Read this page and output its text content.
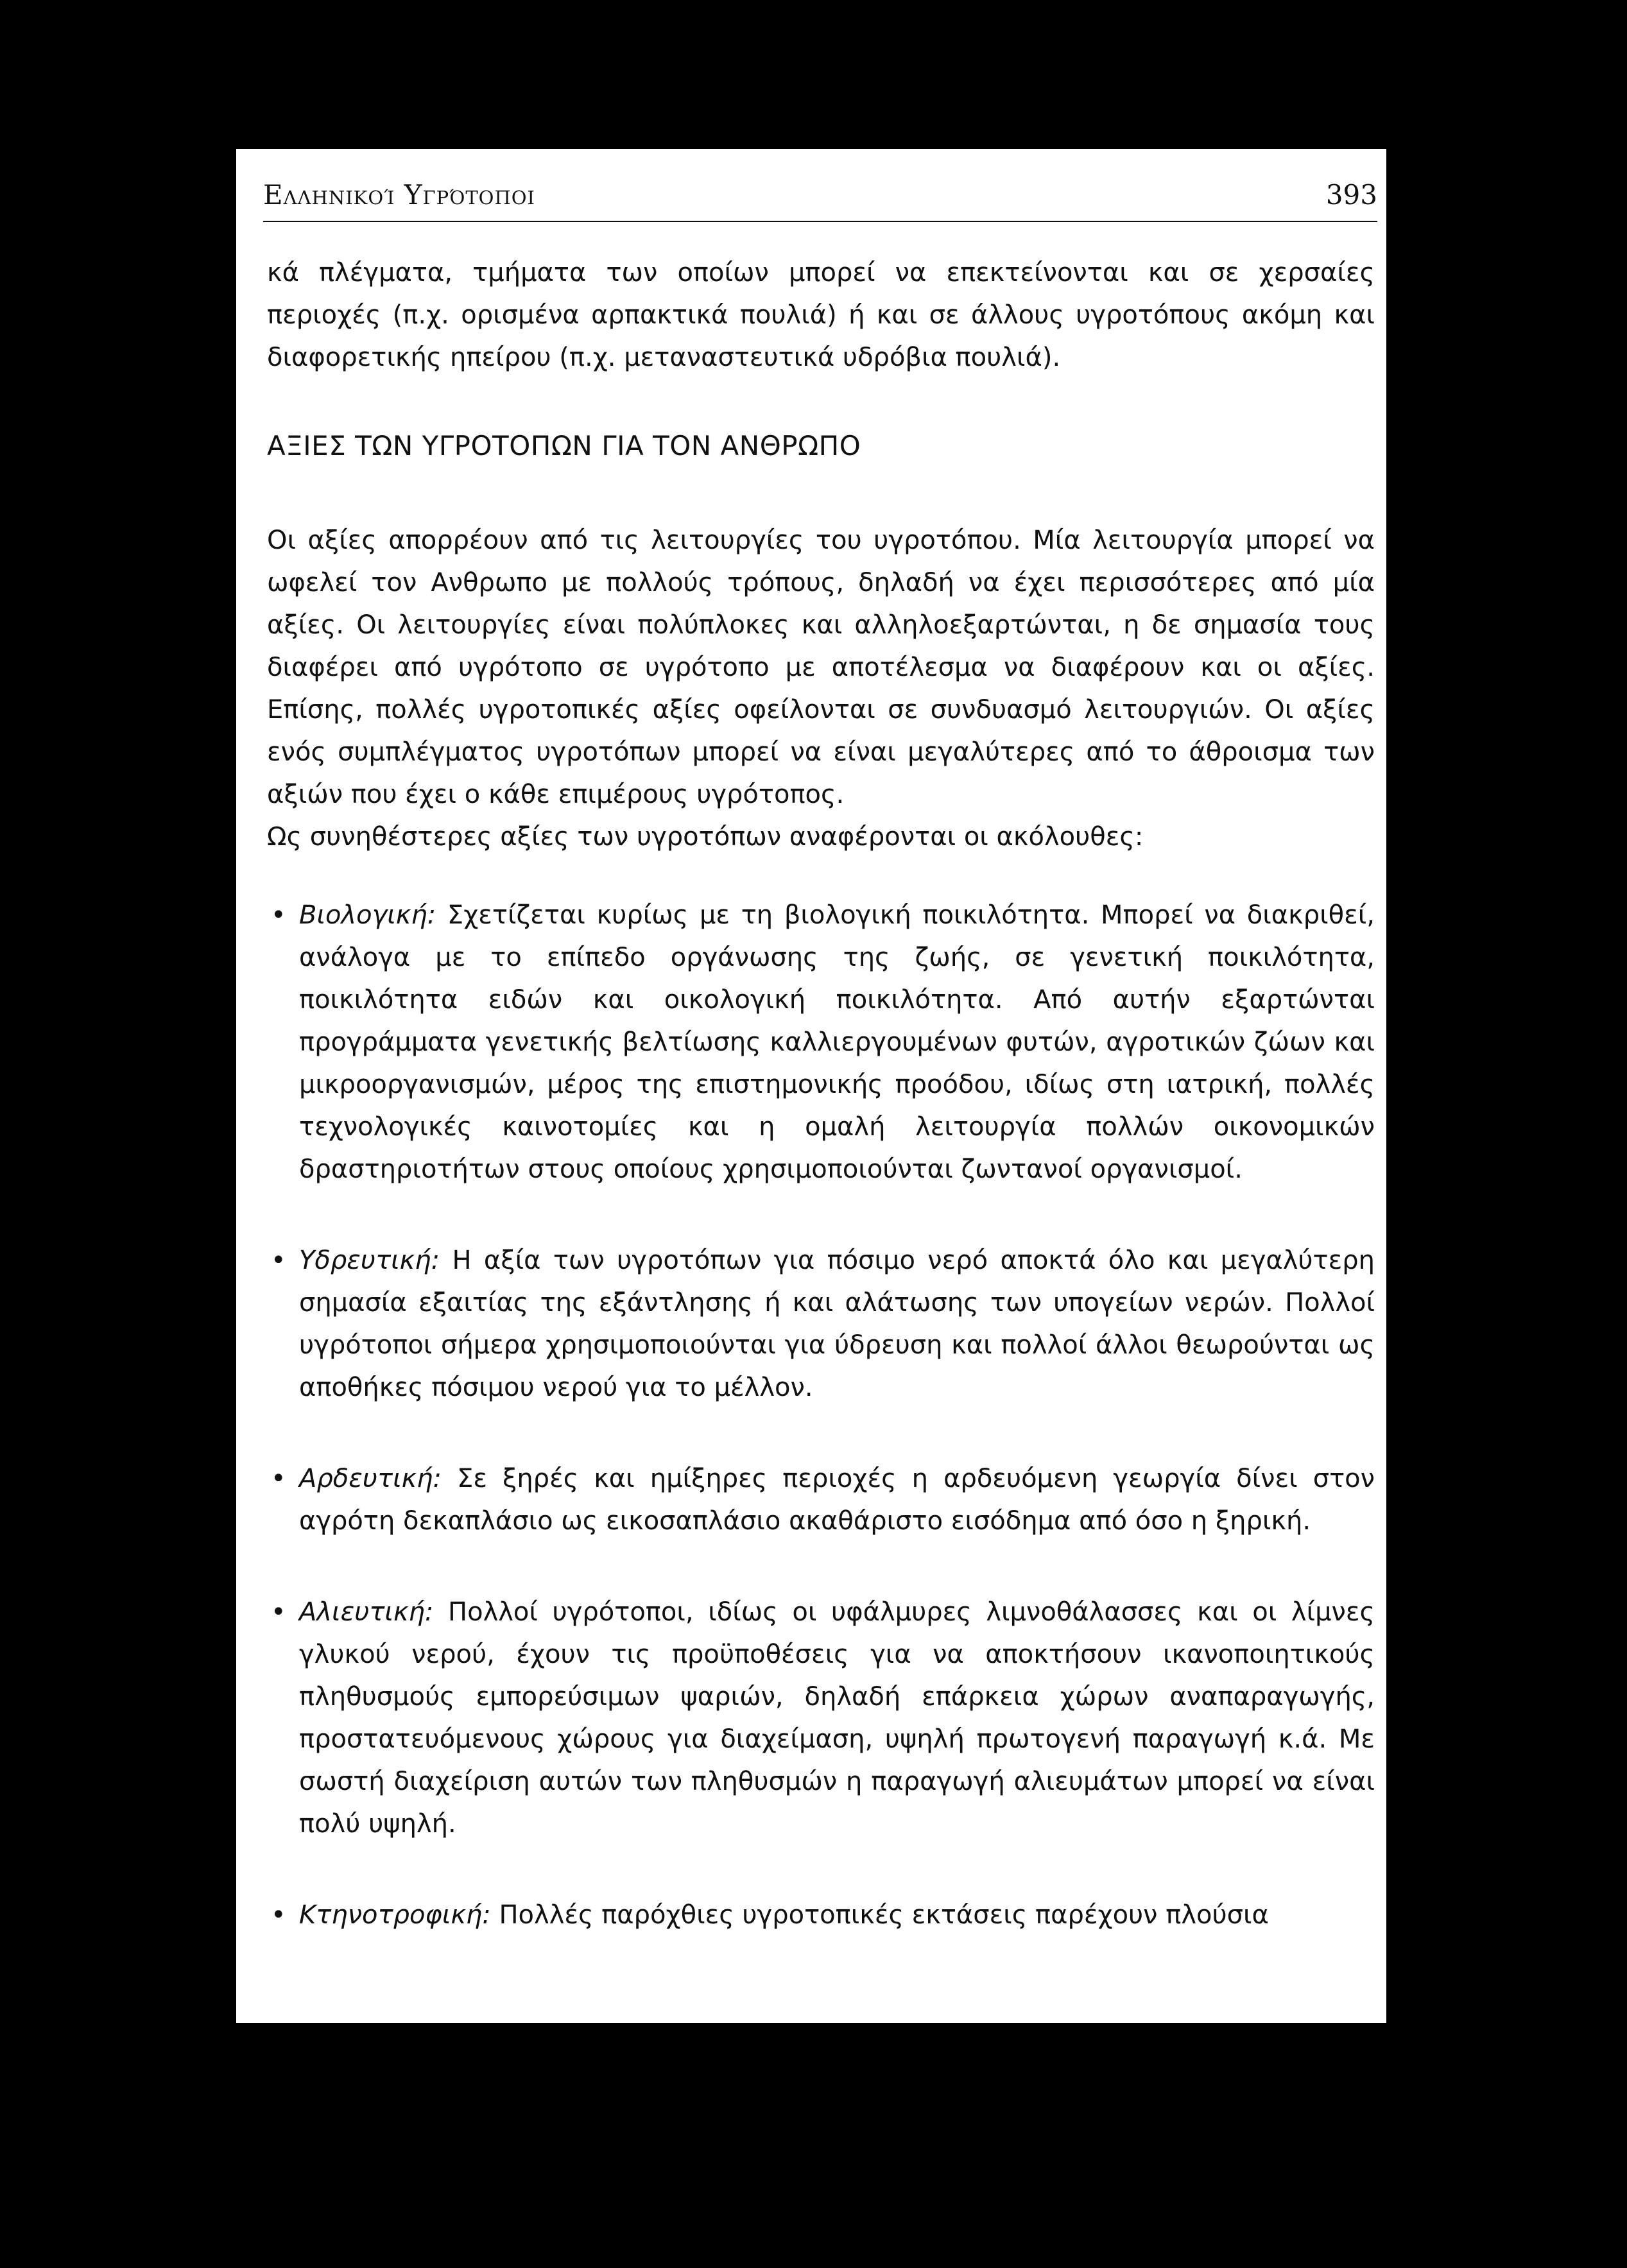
Ελληνικοί Υγρότοποι	393

κά πλέγματα, τμήματα των οποίων μπορεί να επεκτείνονται και σε χερσαίες περιοχές (π.χ. ορισμένα αρπακτικά πουλιά) ή και σε άλλους υγροτόπους ακόμη και διαφορετικής ηπείρου (π.χ. μεταναστευτικά υδρόβια πουλιά).

ΑΞΙΕΣ ΤΩΝ ΥΓΡΟΤΟΠΩΝ ΓΙΑ ΤΟΝ ΑΝΘΡΩΠΟ

Οι αξίες απορρέουν από τις λειτουργίες του υγροτόπου. Μία λειτουργία μπορεί να ωφελεί τον Ανθρωπο με πολλούς τρόπους, δηλαδή να έχει περισσότερες από μία αξίες. Οι λειτουργίες είναι πολύπλοκες και αλληλοεξαρτώνται, η δε σημασία τους διαφέρει από υγρότοπο σε υγρότοπο με αποτέλεσμα να διαφέρουν και οι αξίες. Επίσης, πολλές υγροτοπικές αξίες οφείλονται σε συνδυασμό λειτουργιών. Οι αξίες ενός συμπλέγματος υγροτόπων μπορεί να είναι μεγαλύτερες από το άθροισμα των αξιών που έχει ο κάθε επιμέρους υγρότοπος.

Ως συνηθέστερες αξίες των υγροτόπων αναφέρονται οι ακόλουθες:

• Βιολογική: Σχετίζεται κυρίως με τη βιολογική ποικιλότητα. Μπορεί να διακριθεί, ανάλογα με το επίπεδο οργάνωσης της ζωής, σε γενετική ποικιλότητα, ποικιλότητα ειδών και οικολογική ποικιλότητα. Από αυτήν εξαρτώνται προγράμματα γενετικής βελτίωσης καλλιεργουμένων φυτών, αγροτικών ζώων και μικροοργανισμών, μέρος της επιστημονικής προόδου, ιδίως στη ιατρική, πολλές τεχνολογικές καινοτομίες και η ομαλή λειτουργία πολλών οικονομικών δραστηριοτήτων στους οποίους χρησιμοποιούνται ζωντανοί οργανισμοί.
• Υδρευτική: Η αξία των υγροτόπων για πόσιμο νερό αποκτά όλο και μεγαλύτερη σημασία εξαιτίας της εξάντλησης ή και αλάτωσης των υπογείων νερών. Πολλοί υγρότοποι σήμερα χρησιμοποιούνται για ύδρευση και πολλοί άλλοι θεωρούνται ως αποθήκες πόσιμου νερού για το μέλλον.
• Αρδευτική: Σε ξηρές και ημίξηρες περιοχές η αρδευόμενη γεωργία δίνει στον αγρότη δεκαπλάσιο ως εικοσαπλάσιο ακαθάριστο εισόδημα από όσο η ξηρική.
• Αλιευτική: Πολλοί υγρότοποι, ιδίως οι υφάλμυρες λιμνοθάλασσες και οι λίμνες γλυκού νερού, έχουν τις προϋποθέσεις για να αποκτήσουν ικανοποιητικούς πληθυσμούς εμπορεύσιμων ψαριών, δηλαδή επάρκεια χώρων αναπαραγωγής, προστατευόμενους χώρους για διαχείμαση, υψηλή πρωτογενή παραγωγή κ.ά. Με σωστή διαχείριση αυτών των πληθυσμών η παραγωγή αλιευμάτων μπορεί να είναι πολύ υψηλή.
• Κτηνοτροφική: Πολλές παρόχθιες υγροτοπικές εκτάσεις παρέχουν πλούσια
